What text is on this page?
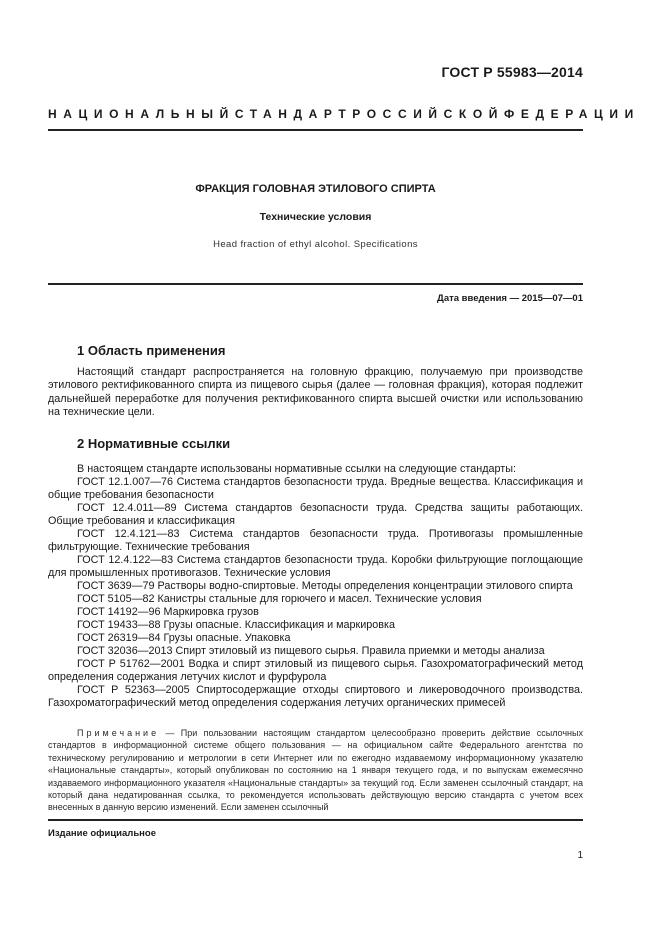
ГОСТ Р 55983—2014
НАЦИОНАЛЬНЫЙ СТАНДАРТ РОССИЙСКОЙ ФЕДЕРАЦИИ
ФРАКЦИЯ ГОЛОВНАЯ ЭТИЛОВОГО СПИРТА
Технические условия
Head fraction of ethyl alcohol. Specifications
Дата введения — 2015—07—01
1 Область применения

Настоящий стандарт распространяется на головную фракцию, получаемую при производстве этилового ректификованного спирта из пищевого сырья (далее — головная фракция), которая подлежит дальнейшей переработке для получения ректификованного спирта высшей очистки или использованию на технические цели.

2 Нормативные ссылки

В настоящем стандарте использованы нормативные ссылки на следующие стандарты:

ГОСТ 12.1.007—76 Система стандартов безопасности труда. Вредные вещества. Классификация и общие требования безопасности

ГОСТ 12.4.011—89 Система стандартов безопасности труда. Средства защиты работающих. Общие требования и классификация

ГОСТ 12.4.121—83 Система стандартов безопасности труда. Противогазы промышленные фильтрующие. Технические требования

ГОСТ 12.4.122—83 Система стандартов безопасности труда. Коробки фильтрующие поглощающие для промышленных противогазов. Технические условия

ГОСТ 3639—79 Растворы водно-спиртовые. Методы определения концентрации этилового спирта

ГОСТ 5105—82 Канистры стальные для горючего и масел. Технические условия

ГОСТ 14192—96 Маркировка грузов

ГОСТ 19433—88 Грузы опасные. Классификация и маркировка

ГОСТ 26319—84 Грузы опасные. Упаковка

ГОСТ 32036—2013 Спирт этиловый из пищевого сырья. Правила приемки и методы анализа

ГОСТ Р 51762—2001 Водка и спирт этиловый из пищевого сырья. Газохроматографический метод определения содержания летучих кислот и фурфурола

ГОСТ Р 52363—2005 Спиртосодержащие отходы спиртового и ликероводочного производства. Газохроматографический метод определения содержания летучих органических примесей

Примечание — При пользовании настоящим стандартом целесообразно проверить действие ссылочных стандартов в информационной системе общего пользования — на официальном сайте Федерального агентства по техническому регулированию и метрологии в сети Интернет или по ежегодно издаваемому информационному указателю «Национальные стандарты», который опубликован по состоянию на 1 января текущего года, и по выпускам ежемесячно издаваемого информационного указателя «Национальные стандарты» за текущий год. Если заменен ссылочный стандарт, на который дана недатированная ссылка, то рекомендуется использовать действующую версию стандарта с учетом всех внесенных в данную версию изменений. Если заменен ссылочный

Издание официальное
1
